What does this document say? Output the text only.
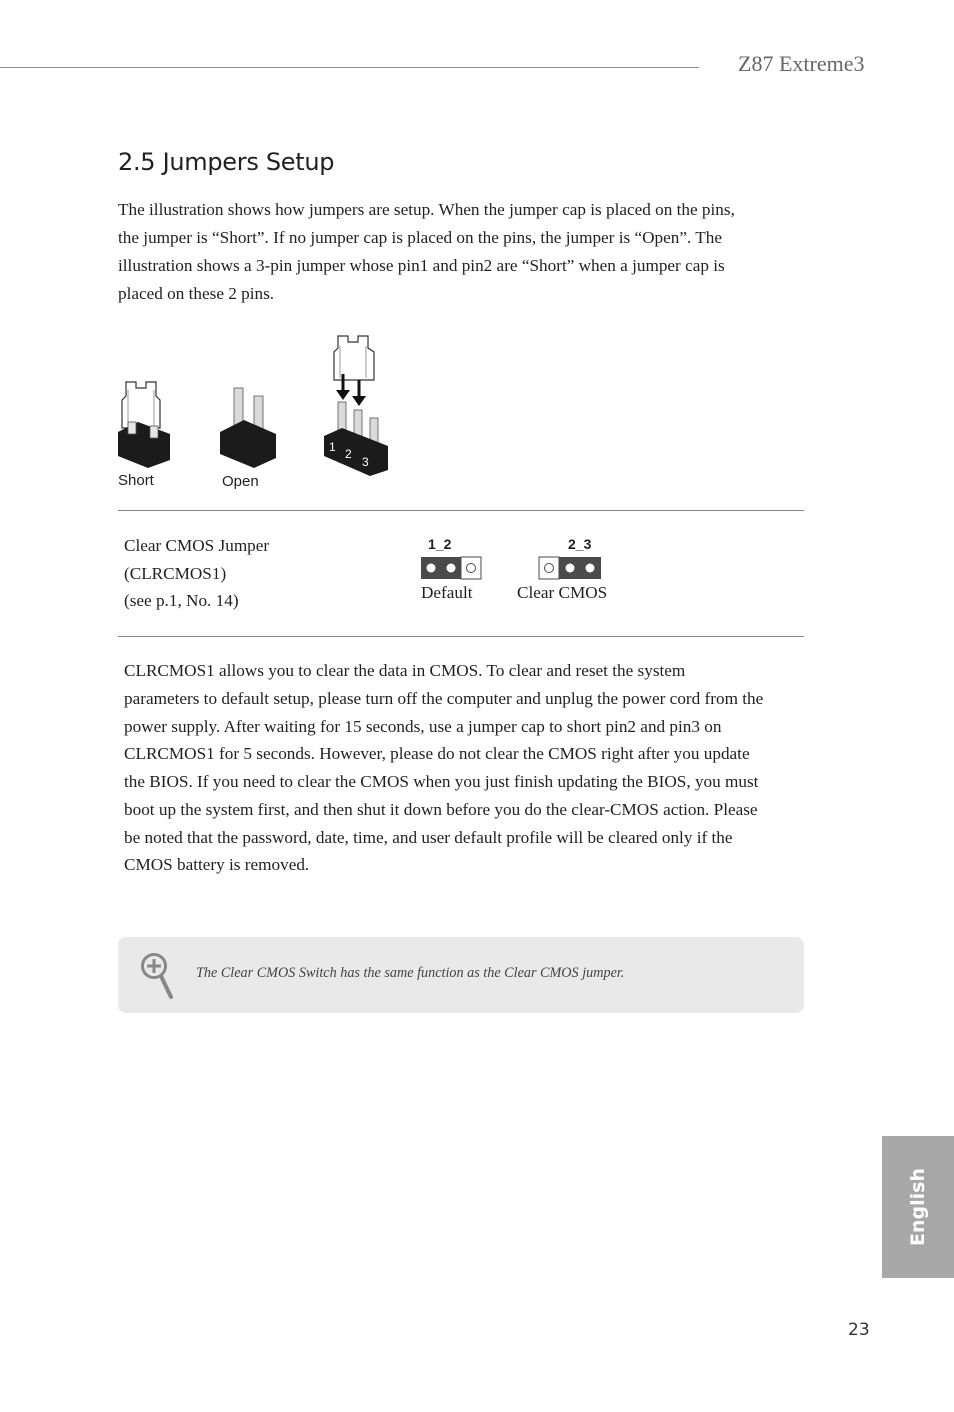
Z87 Extreme3
2.5 Jumpers Setup

The illustration shows how jumpers are setup. When the jumper cap is placed on the pins, the jumper is “Short”. If no jumper cap is placed on the pins, the jumper is “Open”. The illustration shows a 3-pin jumper whose pin1 and pin2 are “Short” when a jumper cap is placed on these 2 pins.

1 2
3
Short	Open
Clear CMOS Jumper
(CLRCMOS1)
(see p.1, No. 14)
1_2
Default
2_3
Clear CMOS

CLRCMOS1 allows you to clear the data in CMOS. To clear and reset the system parameters to default setup, please turn off the computer and unplug the power cord from the power supply. After waiting for 15 seconds, use a jumper cap to short pin2 and pin3 on CLRCMOS1 for 5 seconds. However, please do not clear the CMOS right after you update the BIOS. If you need to clear the CMOS when you just finish updating the BIOS, you must boot up the system first, and then shut it down before you do the clear-CMOS action. Please be noted that the password, date, time, and user default profile will be cleared only if the CMOS battery is removed.

The Clear CMOS Switch has the same function as the Clear CMOS jumper.
English
23
